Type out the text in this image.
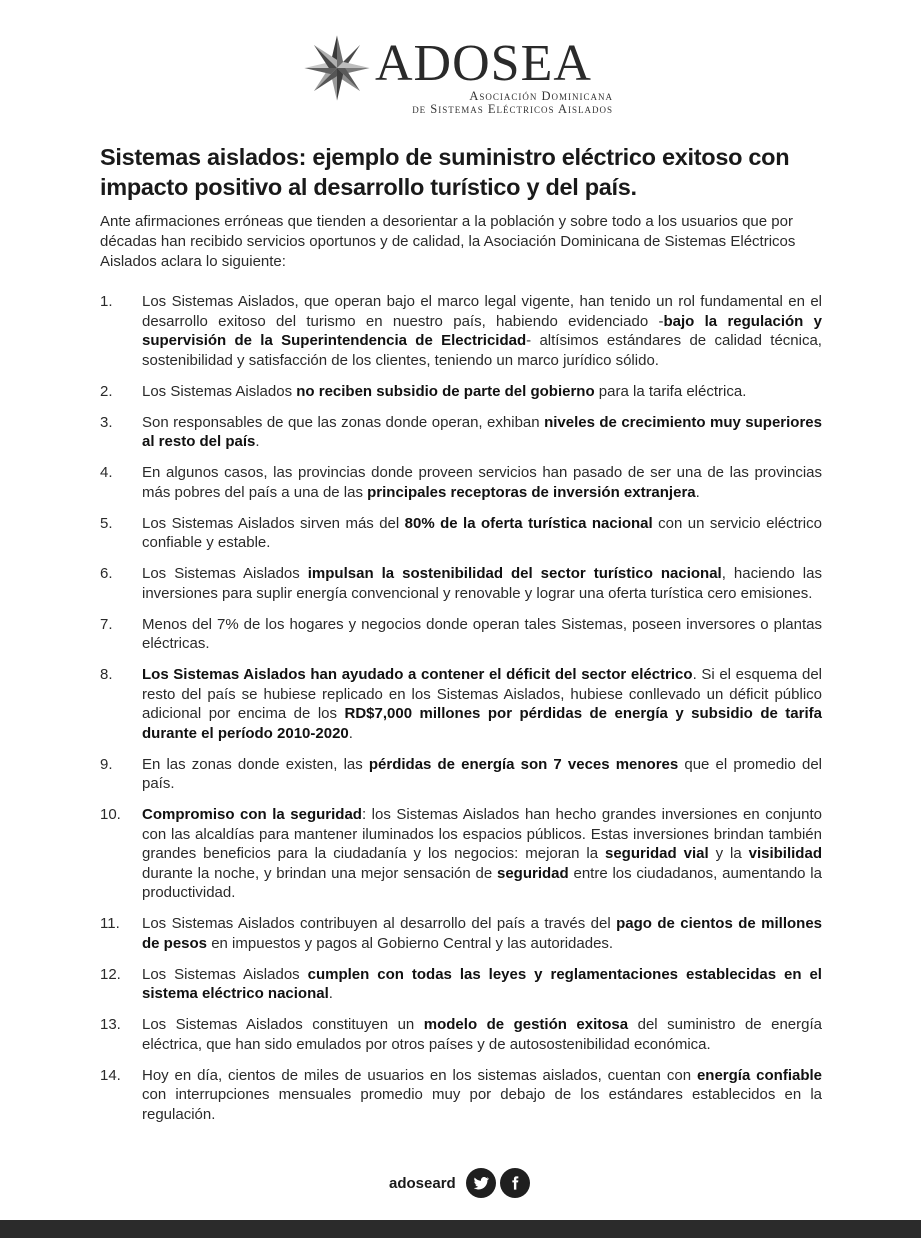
ADOSEA
Asociación Dominicana
de Sistemas Eléctricos Aislados
Sistemas aislados: ejemplo de suministro eléctrico exitoso con impacto positivo al desarrollo turístico y del país.

Ante afirmaciones erróneas que tienden a desorientar a la población y sobre todo a los usuarios que por décadas han recibido servicios oportunos y de calidad, la Asociación Dominicana de Sistemas Eléctricos Aislados aclara lo siguiente:

1.	Los Sistemas Aislados, que operan bajo el marco legal vigente, han tenido un rol fundamental en el desarrollo exitoso del turismo en nuestro país, habiendo evidenciado -bajo la regulación y supervisión de la Superintendencia de Electricidad- altísimos estándares de calidad técnica, sostenibilidad y satisfacción de los clientes, teniendo un marco jurídico sólido.
2.	Los Sistemas Aislados no reciben subsidio de parte del gobierno para la tarifa eléctrica.
3.	Son responsables de que las zonas donde operan, exhiban niveles de crecimiento muy superiores al resto del país.
4.	En algunos casos, las provincias donde proveen servicios han pasado de ser una de las provincias más pobres del país a una de las principales receptoras de inversión extranjera.
5.	Los Sistemas Aislados sirven más del 80% de la oferta turística nacional con un servicio eléctrico confiable y estable.
6.	Los Sistemas Aislados impulsan la sostenibilidad del sector turístico nacional, haciendo las inversiones para suplir energía convencional y renovable y lograr una oferta turística cero emisiones.
7.	Menos del 7% de los hogares y negocios donde operan tales Sistemas, poseen inversores o plantas eléctricas.
8.	Los Sistemas Aislados han ayudado a contener el déficit del sector eléctrico. Si el esquema del resto del país se hubiese replicado en los Sistemas Aislados, hubiese conllevado un déficit público adicional por encima de los RD$7,000 millones por pérdidas de energía y subsidio de tarifa durante el período 2010-2020.
9.	En las zonas donde existen, las pérdidas de energía son 7 veces menores que el promedio del país.
10.	Compromiso con la seguridad: los Sistemas Aislados han hecho grandes inversiones en conjunto con las alcaldías para mantener iluminados los espacios públicos. Estas inversiones brindan también grandes beneficios para la ciudadanía y los negocios: mejoran la seguridad vial y la visibilidad durante la noche, y brindan una mejor sensación de seguridad entre los ciudadanos, aumentando la productividad.
11.	Los Sistemas Aislados contribuyen al desarrollo del país a través del pago de cientos de millones de pesos en impuestos y pagos al Gobierno Central y las autoridades.
12.	Los Sistemas Aislados cumplen con todas las leyes y reglamentaciones establecidas en el sistema eléctrico nacional.
13.	Los Sistemas Aislados constituyen un modelo de gestión exitosa del suministro de energía eléctrica, que han sido emulados por otros países y de autosostenibilidad económica.
14.	Hoy en día, cientos de miles de usuarios en los sistemas aislados, cuentan con energía confiable con interrupciones mensuales promedio muy por debajo de los estándares establecidos en la regulación.
adoseard
